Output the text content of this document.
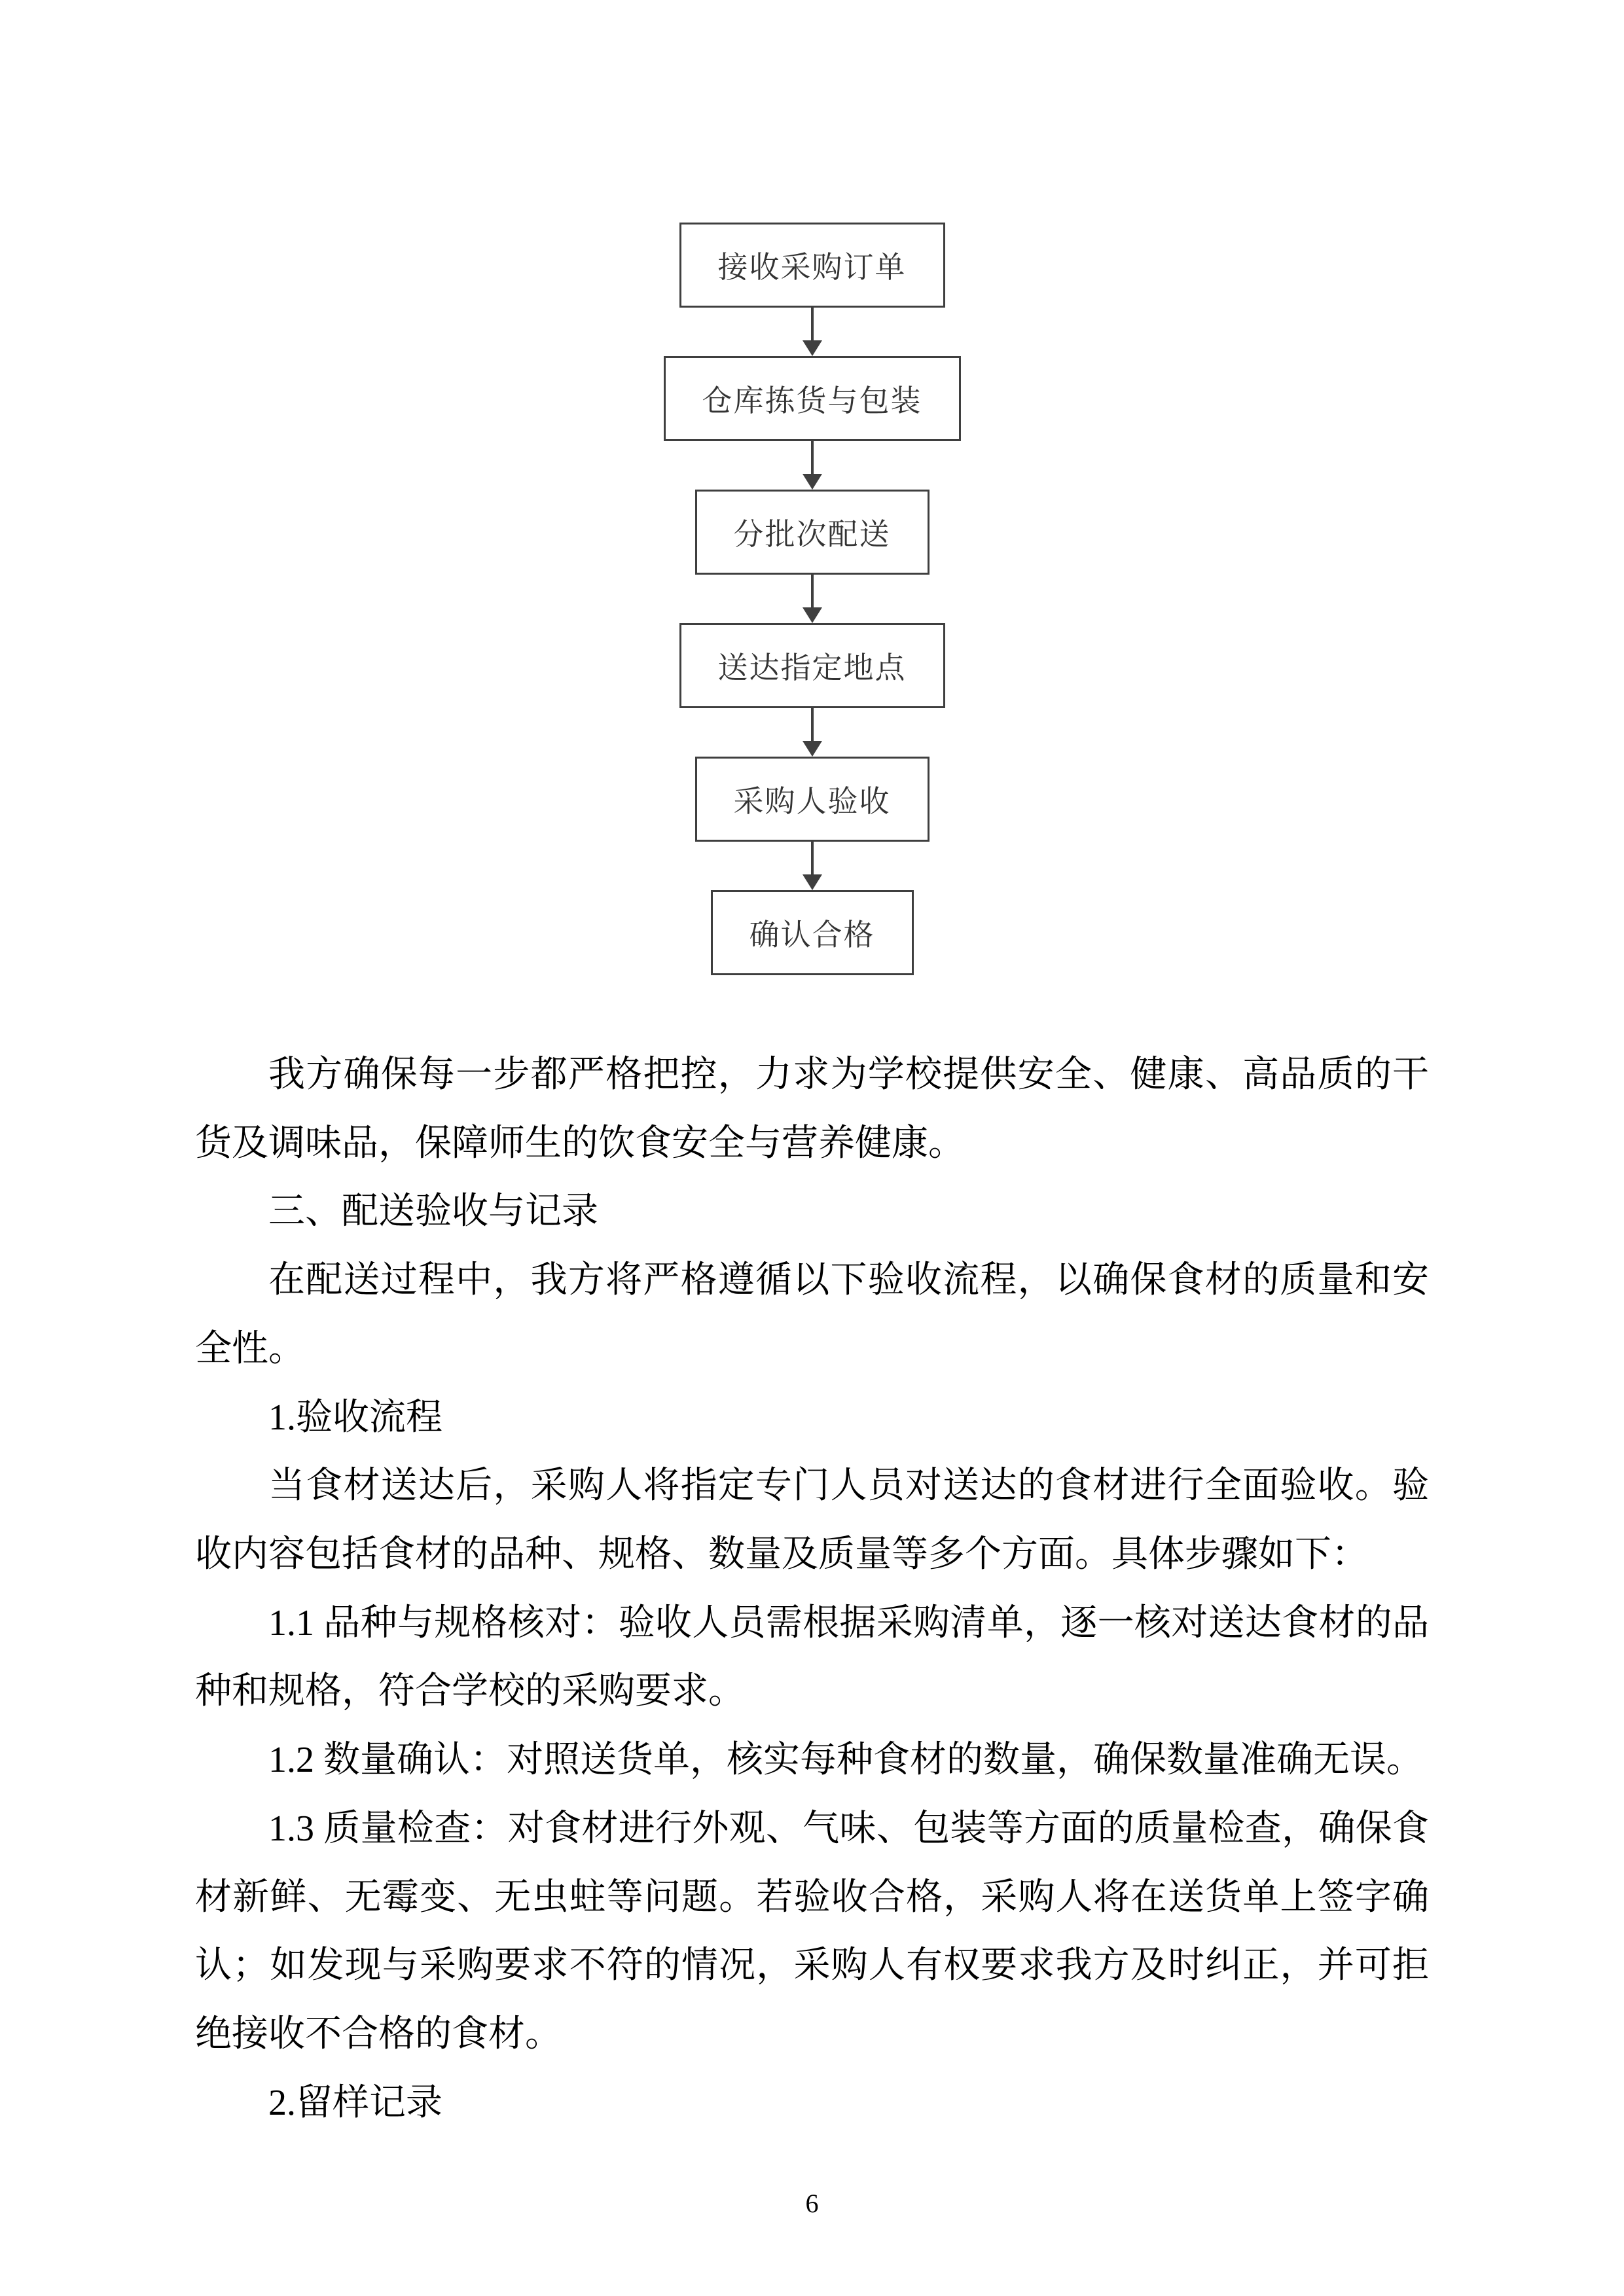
接收采购订单
仓库拣货与包装
分批次配送
送达指定地点
采购人验收
确认合格

我方确保每一步都严格把控，力求为学校提供安全、健康、高品质的干货及调味品，保障师生的饮食安全与营养健康。

三、配送验收与记录

在配送过程中，我方将严格遵循以下验收流程，以确保食材的质量和安全性。

1.验收流程

当食材送达后，采购人将指定专门人员对送达的食材进行全面验收。验收内容包括食材的品种、规格、数量及质量等多个方面。具体步骤如下：

1.1 品种与规格核对：验收人员需根据采购清单，逐一核对送达食材的品种和规格，符合学校的采购要求。

1.2 数量确认：对照送货单，核实每种食材的数量，确保数量准确无误。

1.3 质量检查：对食材进行外观、气味、包装等方面的质量检查，确保食材新鲜、无霉变、无虫蛀等问题。若验收合格，采购人将在送货单上签字确认；如发现与采购要求不符的情况，采购人有权要求我方及时纠正，并可拒绝接收不合格的食材。

2.留样记录

6
